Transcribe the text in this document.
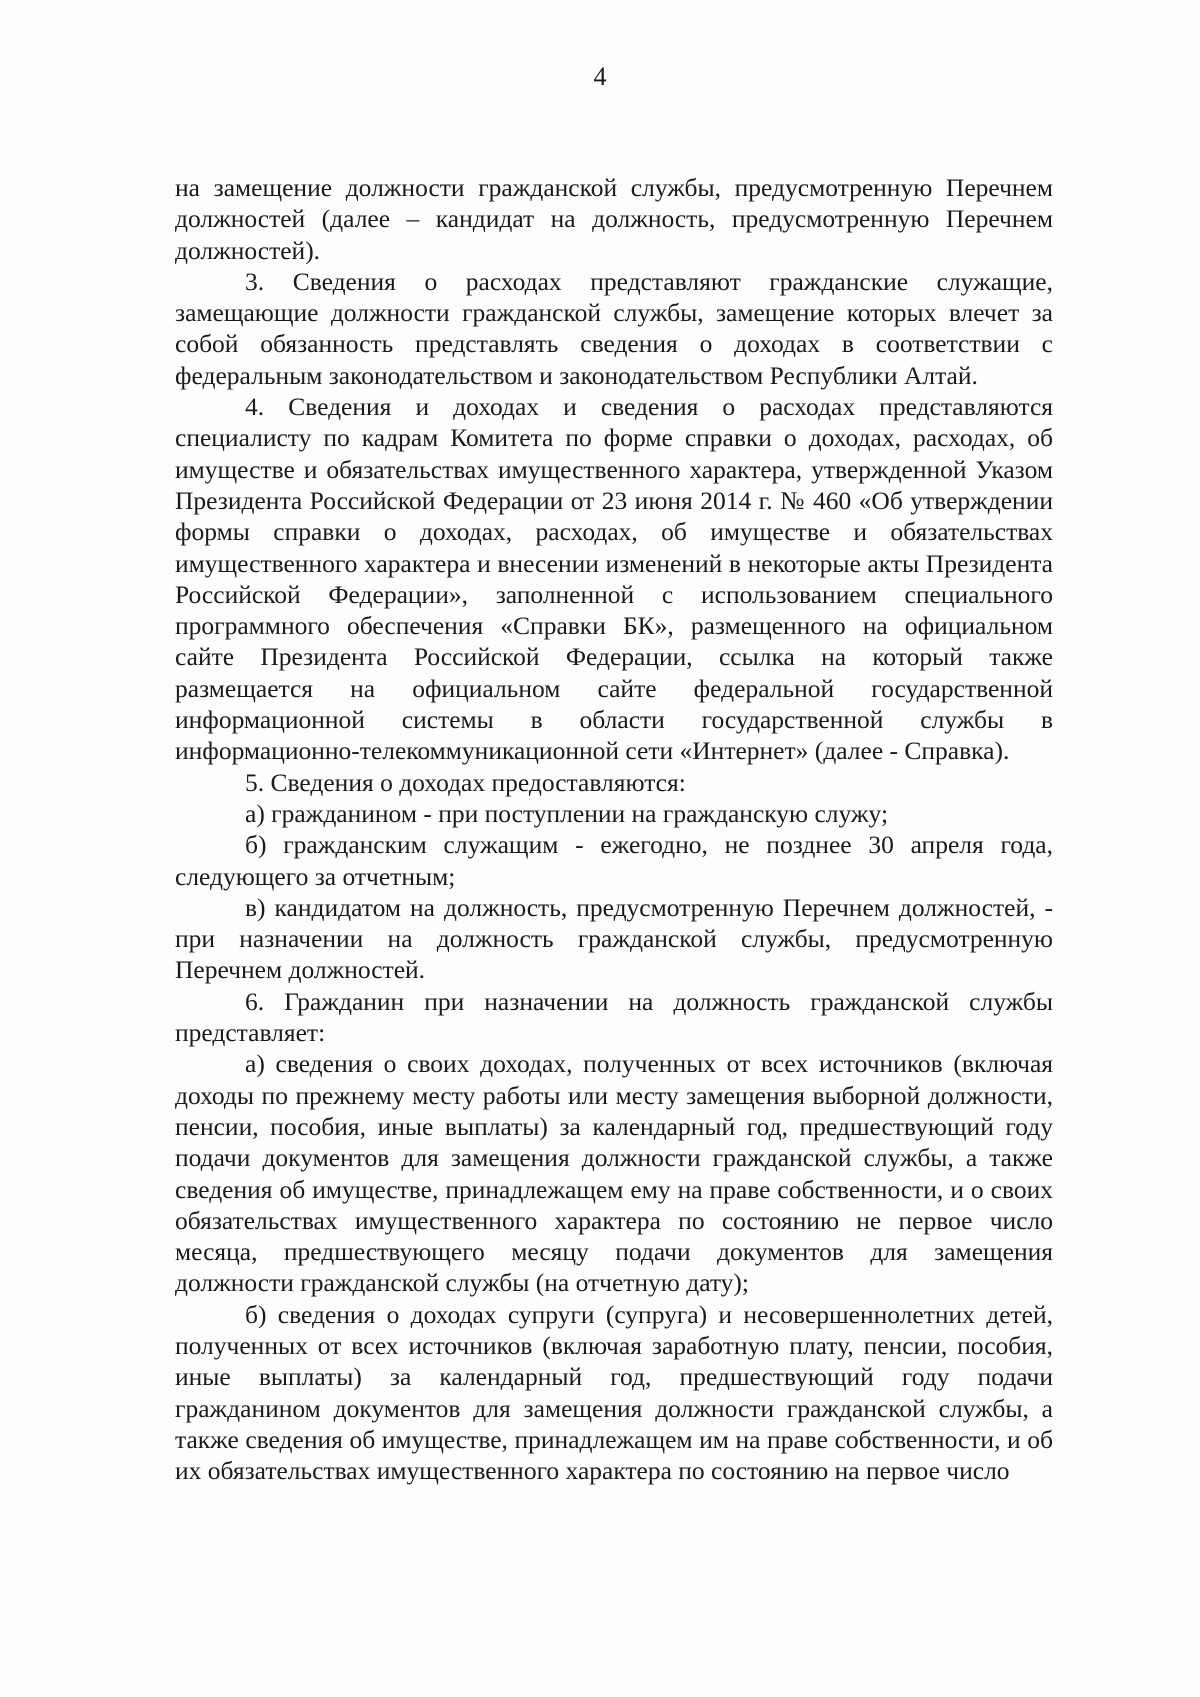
4

на замещение должности гражданской службы, предусмотренную Перечнем должностей (далее – кандидат на должность, предусмотренную Перечнем должностей).

3. Сведения о расходах представляют гражданские служащие, замещающие должности гражданской службы, замещение которых влечет за собой обязанность представлять сведения о доходах в соответствии с федеральным законодательством и законодательством Республики Алтай.

4. Сведения и доходах и сведения о расходах представляются специалисту по кадрам Комитета по форме справки о доходах, расходах, об имуществе и обязательствах имущественного характера, утвержденной Указом Президента Российской Федерации от 23 июня 2014 г. № 460 «Об утверждении формы справки о доходах, расходах, об имуществе и обязательствах имущественного характера и внесении изменений в некоторые акты Президента Российской Федерации», заполненной с использованием специального программного обеспечения «Справки БК», размещенного на официальном сайте Президента Российской Федерации, ссылка на который также размещается на официальном сайте федеральной государственной информационной системы в области государственной службы в информационно-телекоммуникационной сети «Интернет» (далее - Справка).

5. Сведения о доходах предоставляются:

а) гражданином - при поступлении на гражданскую служу;

б) гражданским служащим - ежегодно, не позднее 30 апреля года, следующего за отчетным;

в) кандидатом на должность, предусмотренную Перечнем должностей, - при назначении на должность гражданской службы, предусмотренную Перечнем должностей.

6. Гражданин при назначении на должность гражданской службы представляет:

а) сведения о своих доходах, полученных от всех источников (включая доходы по прежнему месту работы или месту замещения выборной должности, пенсии, пособия, иные выплаты) за календарный год, предшествующий году подачи документов для замещения должности гражданской службы, а также сведения об имуществе, принадлежащем ему на праве собственности, и о своих обязательствах имущественного характера по состоянию не первое число месяца, предшествующего месяцу подачи документов для замещения должности гражданской службы (на отчетную дату);

б) сведения о доходах супруги (супруга) и несовершеннолетних детей, полученных от всех источников (включая заработную плату, пенсии, пособия, иные выплаты) за календарный год, предшествующий году подачи гражданином документов для замещения должности гражданской службы, а также сведения об имуществе, принадлежащем им на праве собственности, и об их обязательствах имущественного характера по состоянию на первое число
